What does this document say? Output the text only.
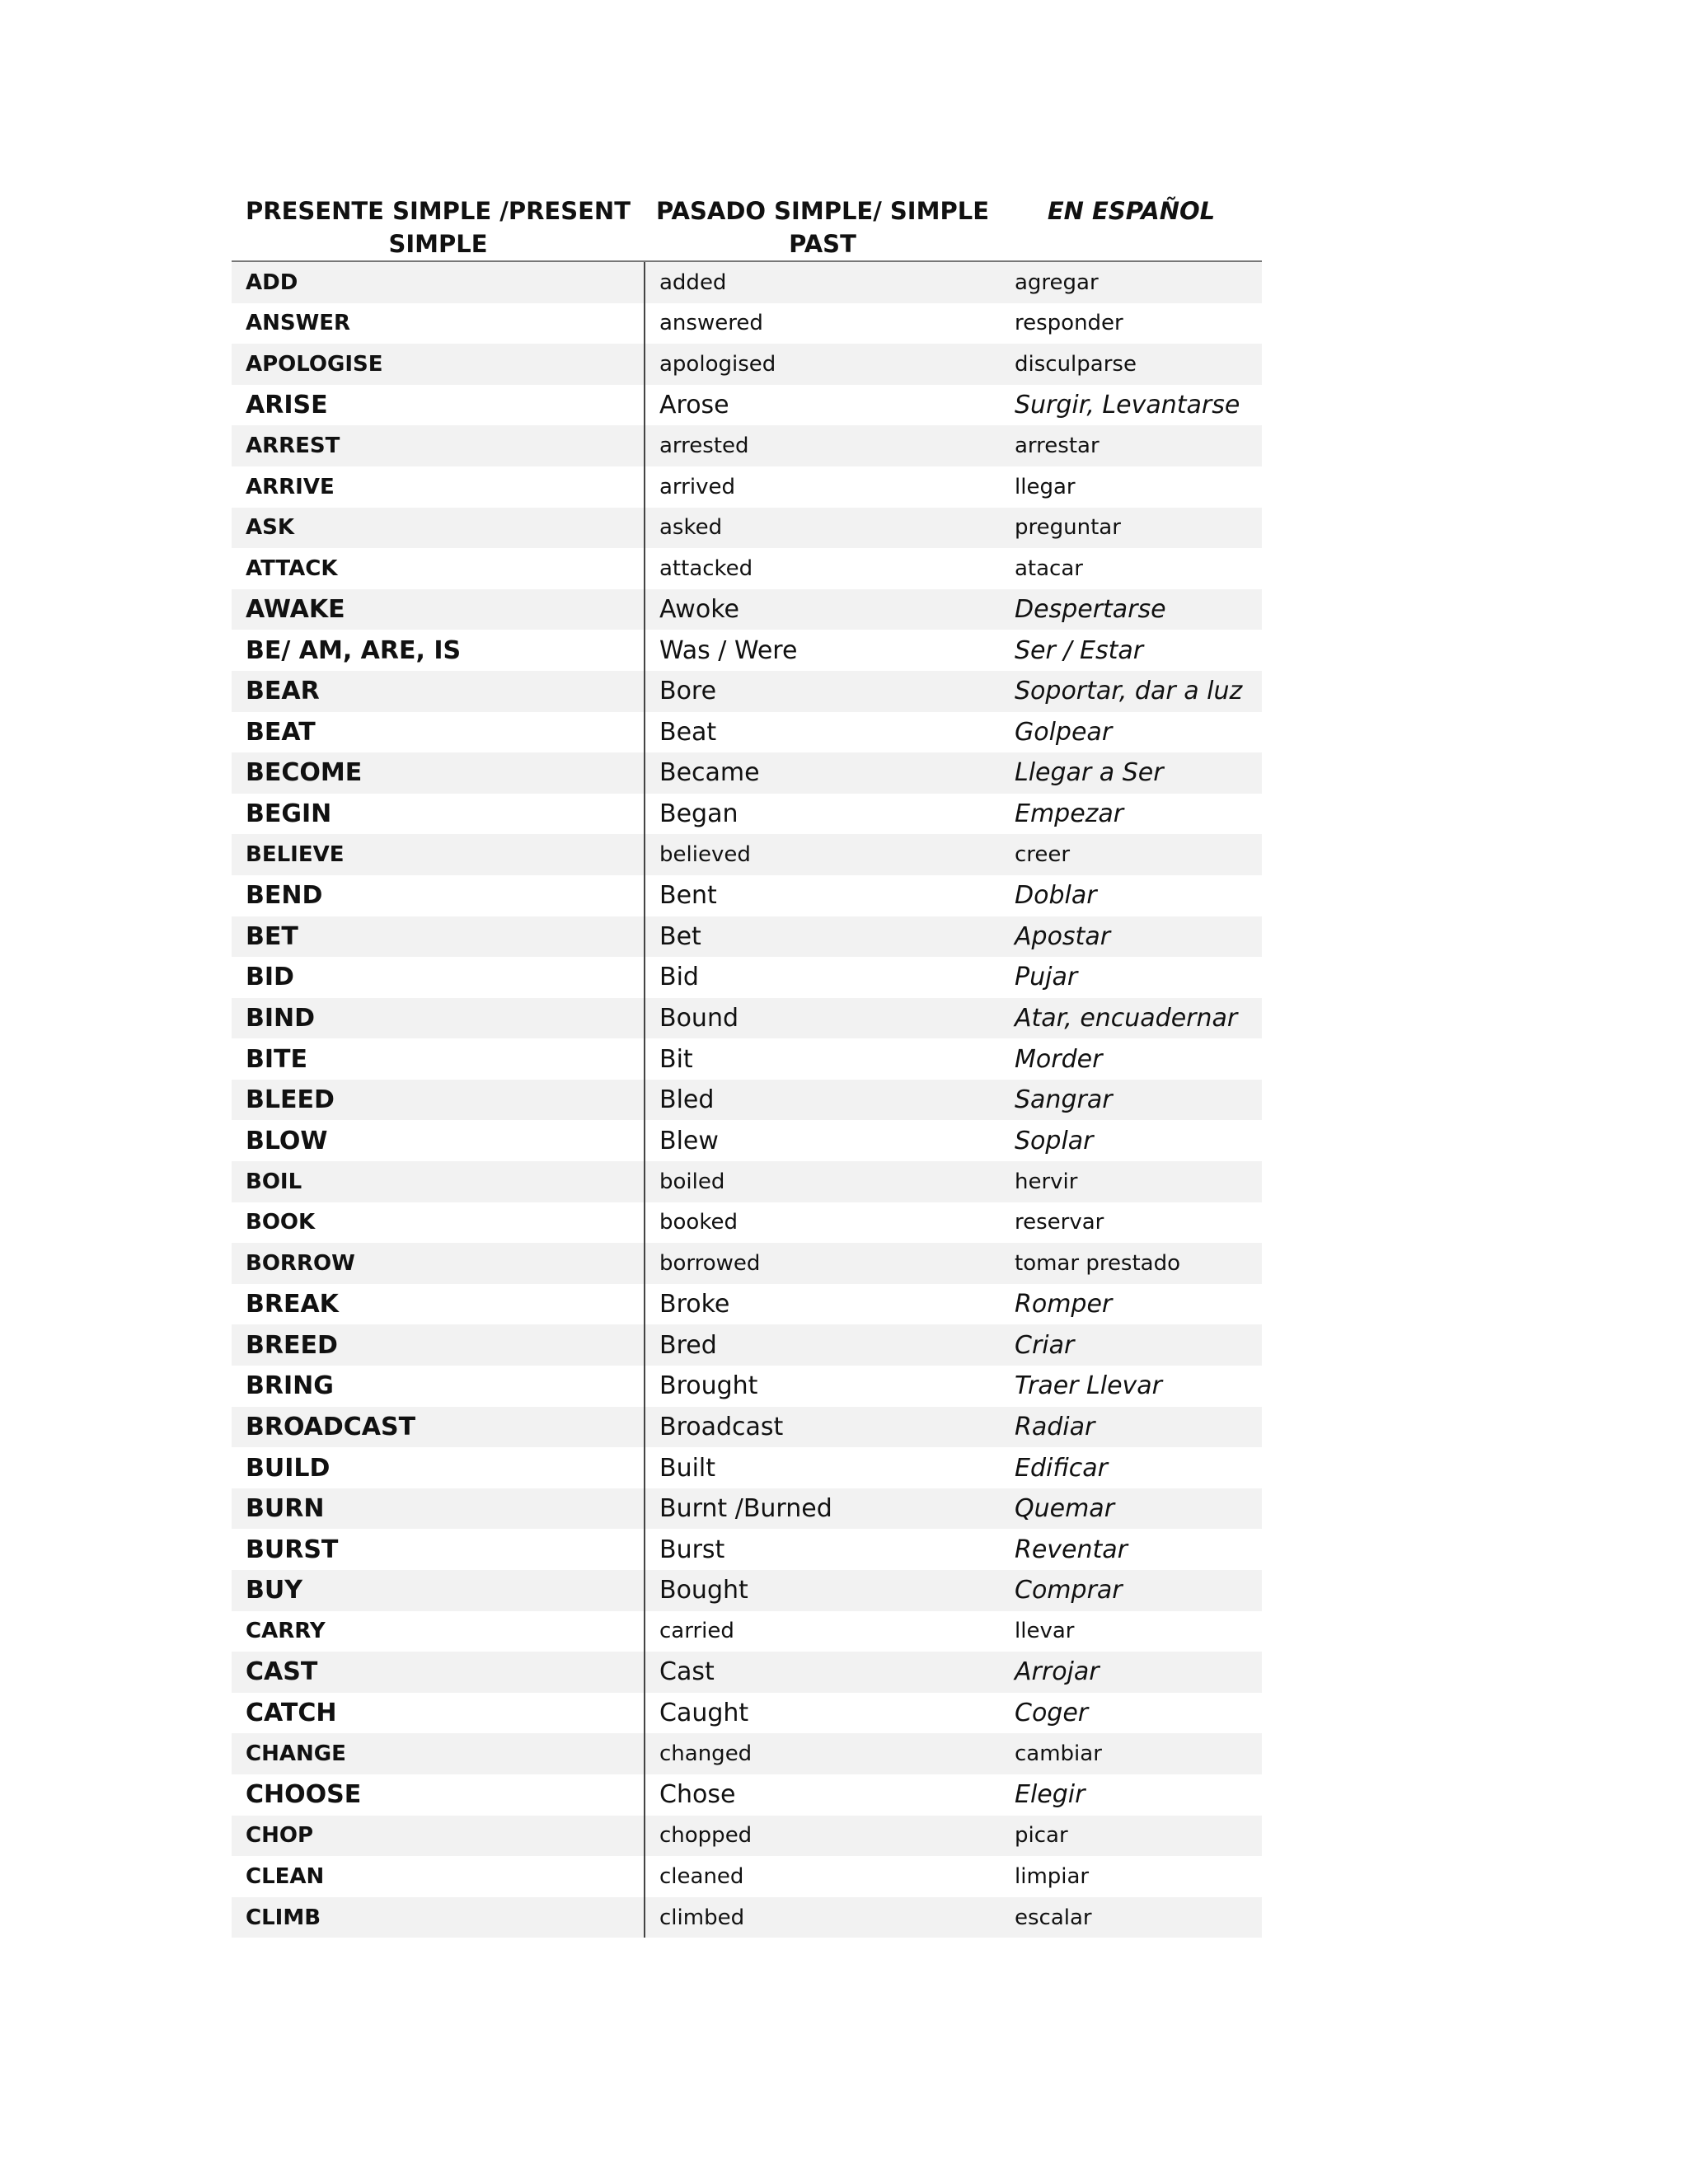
PRESENTE SIMPLE /PRESENT SIMPLE	PASADO SIMPLE/ SIMPLE PAST	EN ESPAÑOL
ADD	added	agregar
ANSWER	answered	responder
APOLOGISE	apologised	disculparse
ARISE	Arose	Surgir, Levantarse
ARREST	arrested	arrestar
ARRIVE	arrived	llegar
ASK	asked	preguntar
ATTACK	attacked	atacar
AWAKE	Awoke	Despertarse
BE/ AM, ARE, IS	Was / Were	Ser / Estar
BEAR	Bore	Soportar, dar a luz
BEAT	Beat	Golpear
BECOME	Became	Llegar a Ser
BEGIN	Began	Empezar
BELIEVE	believed	creer
BEND	Bent	Doblar
BET	Bet	Apostar
BID	Bid	Pujar
BIND	Bound	Atar, encuadernar
BITE	Bit	Morder
BLEED	Bled	Sangrar
BLOW	Blew	Soplar
BOIL	boiled	hervir
BOOK	booked	reservar
BORROW	borrowed	tomar prestado
BREAK	Broke	Romper
BREED	Bred	Criar
BRING	Brought	Traer Llevar
BROADCAST	Broadcast	Radiar
BUILD	Built	Edificar
BURN	Burnt /Burned	Quemar
BURST	Burst	Reventar
BUY	Bought	Comprar
CARRY	carried	llevar
CAST	Cast	Arrojar
CATCH	Caught	Coger
CHANGE	changed	cambiar
CHOOSE	Chose	Elegir
CHOP	chopped	picar
CLEAN	cleaned	limpiar
CLIMB	climbed	escalar
